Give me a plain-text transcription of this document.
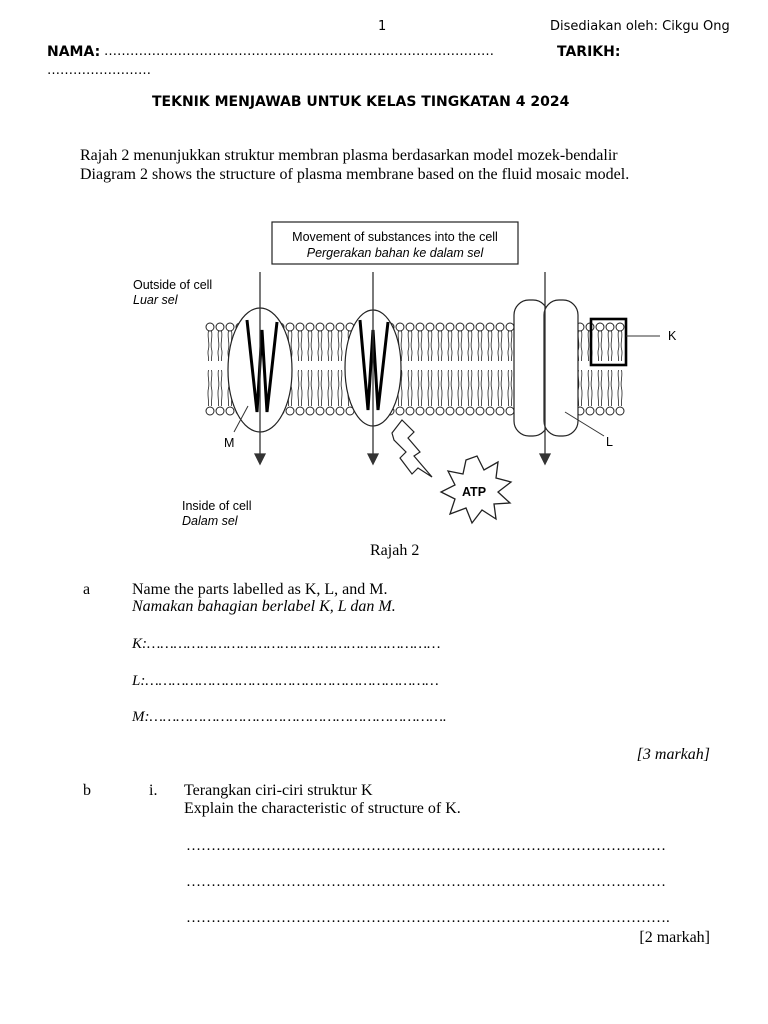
1	Disediakan oleh: Cikgu Ong
NAMA: ………………………………………………………………………………	TARIKH:
……………………
TEKNIK MENJAWAB UNTUK KELAS TINGKATAN 4 2024
Rajah 2 menunjukkan struktur membran plasma berdasarkan model mozek-bendalir
Diagram 2 shows the structure of plasma membrane based on the fluid mosaic model.
Movement of substances into the cell
Pergerakan bahan ke dalam sel
Outside of cell
Luar sel
Inside of cell
Dalam sel
K
L
M
ATP
Rajah 2
a	Name the parts labelled as K, L, and M.
Namakan bahagian berlabel K, L dan M.
K:…………………………………………………………
L:…………………………………………………………
M:………………………………………………………….
[3 markah]
b	i. Terangkan ciri-ciri struktur K
Explain the characteristic of structure of K.
……………………………………………………………………………………
……………………………………………………………………………………
…………………………………………………………………………………….
[2 markah]
